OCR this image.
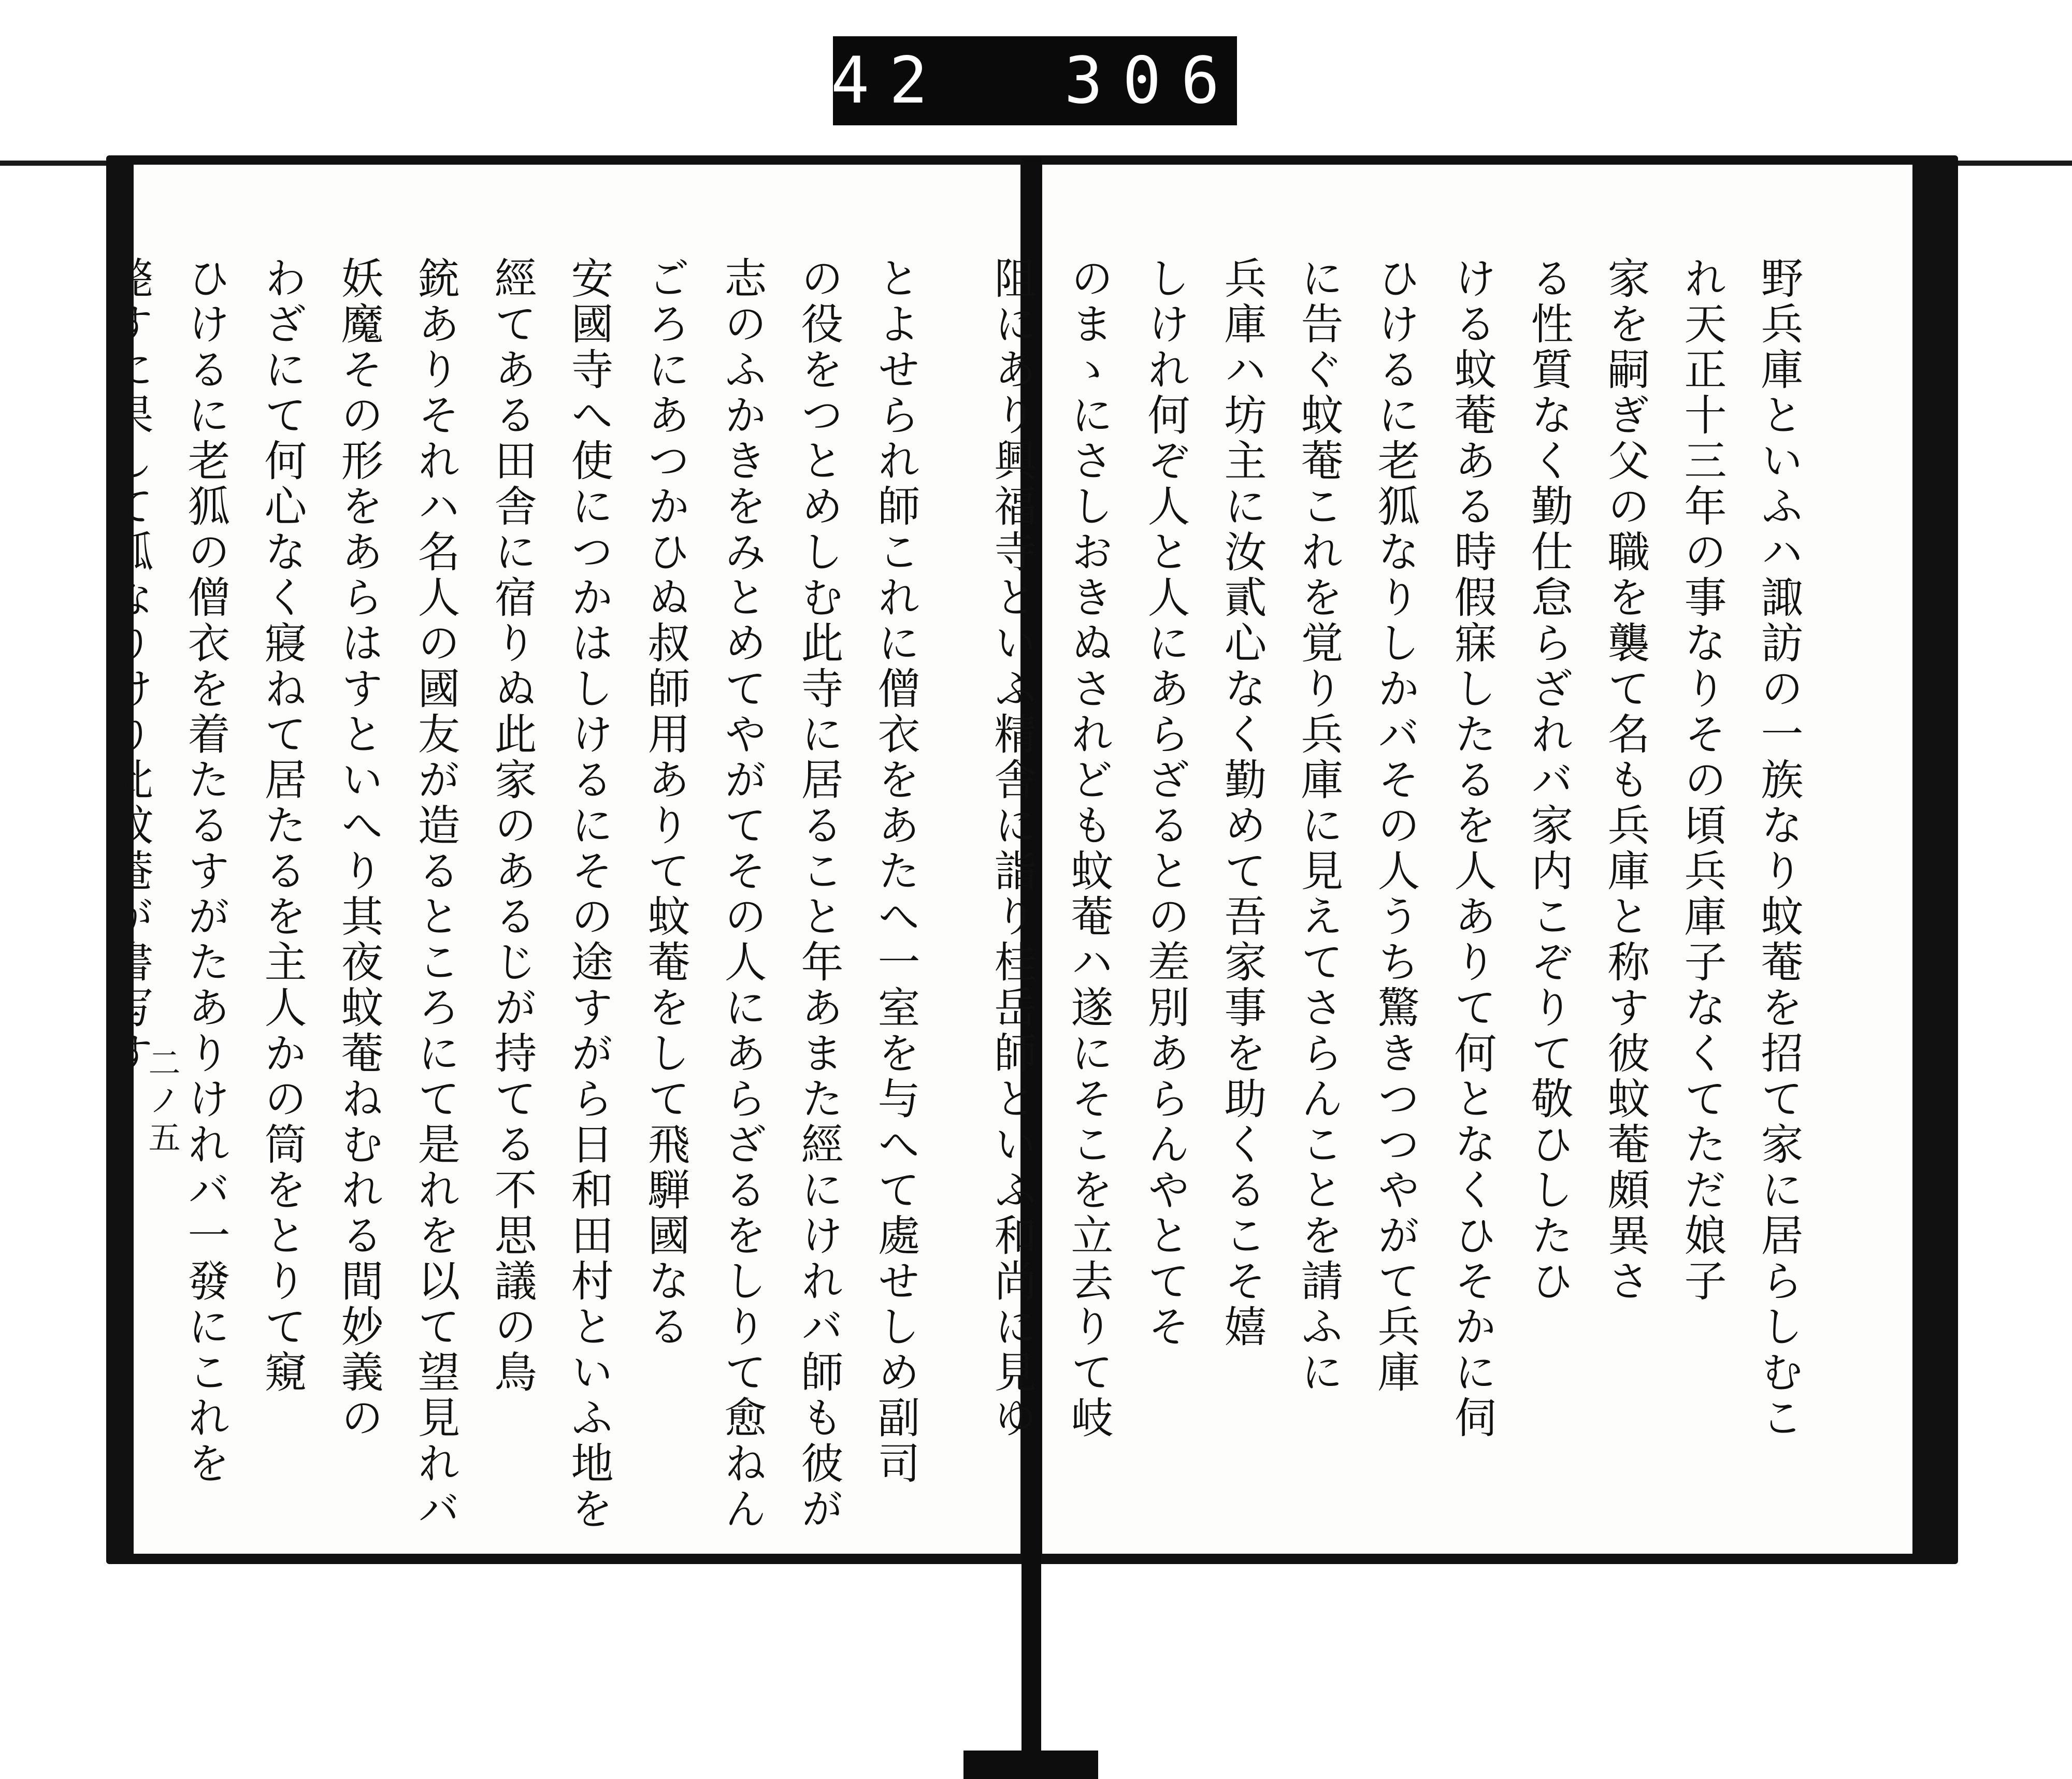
442  306.

野兵庫といふハ諏訪の一族なり蚊菴を招て家に居らしむこ
れ天正十三年の事なりその頃兵庫子なくてただ娘子
家を嗣ぎ父の職を襲て名も兵庫と称す彼蚊菴頗異さ
る性質なく勤仕怠らざれバ家内こぞりて敬ひしたひ
ける蚊菴ある時假寐したるを人ありて何となくひそかに伺
ひけるに老狐なりしかバその人うち驚きつつやがて兵庫
に告ぐ蚊菴これを覚り兵庫に見えてさらんことを請ふに
兵庫ハ坊主に汝貳心なく勤めて吾家事を助くるこそ嬉
しけれ何ぞ人と人にあらざるとの差別あらんやとてそ
のまゝにさしおきぬされども蚊菴ハ遂にそこを立去りて岐
阻にあり興福寺といふ精舎に詣り桂岳師といふ和尚に見ゆ

とよせられ師これに僧衣をあたへ一室を与へて處せしめ副司
の役をつとめしむ此寺に居ること年あまた經にけれバ師も彼が
志のふかきをみとめてやがてその人にあらざるをしりて愈ねん
ごろにあつかひぬ叔師用ありて蚊菴をして飛騨國なる
安國寺へ使につかはしけるにその途すがら日和田村といふ地を
經てある田舎に宿りぬ此家のあるじが持てる不思議の鳥
銃ありそれハ名人の國友が造るところにて是れを以て望見れバ
妖魔その形をあらはすといへり其夜蚊菴ねむれる間妙義の
わざにて何心なく寢ねて居たるを主人かの筒をとりて窺
ひけるに老狐の僧衣を着たるすがたありけれバ一發にこれを
斃すに果して狐なりけり此蚊菴が書写す

二ノ五
